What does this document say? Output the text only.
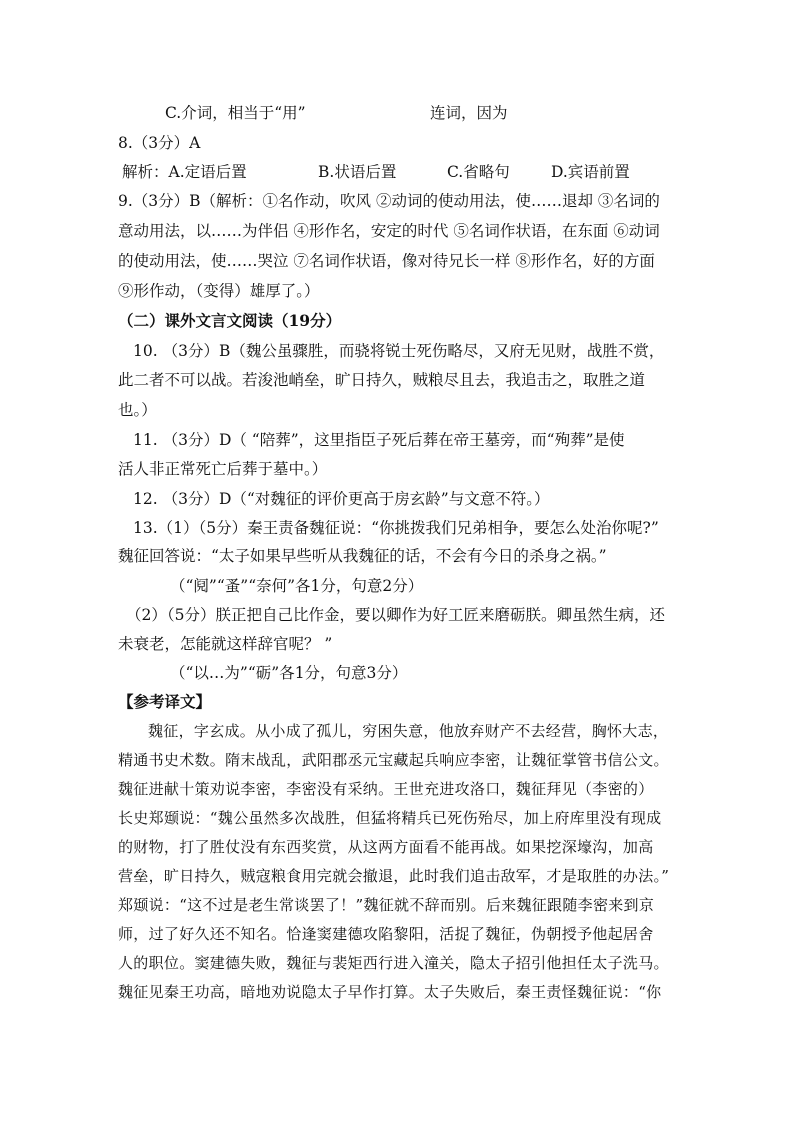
C.介词，相当于“用”	连词，因为

8.（3分）A

解析：A.定语后置	B.状语后置	C.省略句	D.宾语前置

9.（3分）B（解析：①名作动，吹风 ②动词的使动用法，使……退却 ③名词的

意动用法，以……为伴侣 ④形作名，安定的时代 ⑤名词作状语，在东面 ⑥动词

的使动用法，使……哭泣 ⑦名词作状语，像对待兄长一样 ⑧形作名，好的方面

⑨形作动，（变得）雄厚了。）

（二）课外文言文阅读（19分）

10. （3分）B（魏公虽骤胜，而骁将锐士死伤略尽，又府无见财，战胜不赏，

此二者不可以战。若浚池峭垒，旷日持久，贼粮尽且去，我追击之，取胜之道

也。）

11. （3分）D（ “陪葬”，这里指臣子死后葬在帝王墓旁，而“殉葬”是使

活人非正常死亡后葬于墓中。）

12. （3分）D（“对魏征的评价更高于房玄龄”与文意不符。）

13.（1）（5分）秦王责备魏征说：“你挑拨我们兄弟相争，要怎么处治你呢?”

魏征回答说：“太子如果早些听从我魏征的话，不会有今日的杀身之祸。”

（“阋”“蚤”“奈何”各1分，句意2分）

（2）（5分）朕正把自己比作金，要以卿作为好工匠来磨砺朕。卿虽然生病，还

未衰老，怎能就这样辞官呢？ ”

（“以…为”“砺”各1分，句意3分）

【参考译文】

魏征，字玄成。从小成了孤儿，穷困失意，他放弃财产不去经营，胸怀大志，

精通书史术数。隋末战乱，武阳郡丞元宝藏起兵响应李密，让魏征掌管书信公文。

魏征进献十策劝说李密，李密没有采纳。王世充进攻洛口，魏征拜见（李密的）

长史郑颋说：“魏公虽然多次战胜，但猛将精兵已死伤殆尽，加上府库里没有现成

的财物，打了胜仗没有东西奖赏，从这两方面看不能再战。如果挖深壕沟，加高

营垒，旷日持久，贼寇粮食用完就会撤退，此时我们追击敌军，才是取胜的办法。”

郑颋说：“这不过是老生常谈罢了！”魏征就不辞而别。后来魏征跟随李密来到京

师，过了好久还不知名。恰逢窦建德攻陷黎阳，活捉了魏征，伪朝授予他起居舍

人的职位。窦建德失败，魏征与裴矩西行进入潼关，隐太子招引他担任太子洗马。

魏征见秦王功高，暗地劝说隐太子早作打算。太子失败后，秦王责怪魏征说：“你
